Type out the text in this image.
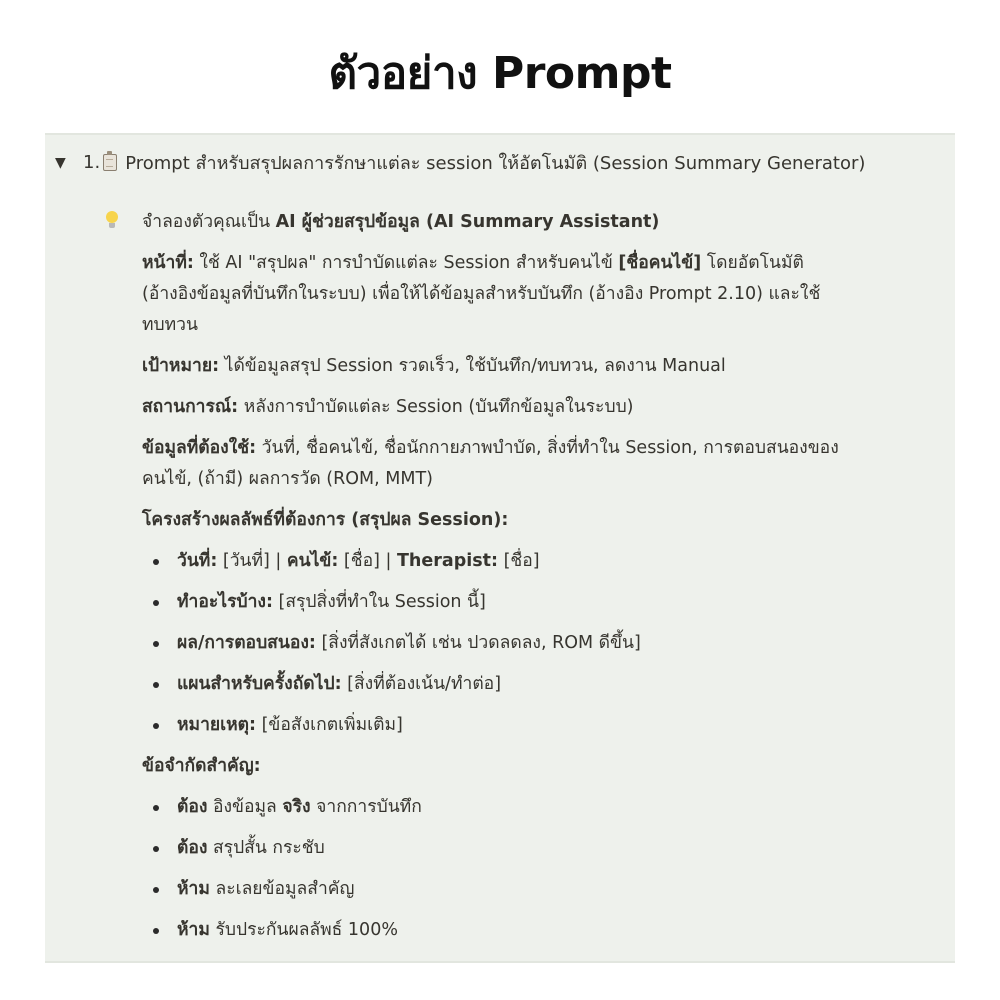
ตัวอย่าง Prompt
▼ 1. Prompt สำหรับสรุปผลการรักษาแต่ละ session ให้อัตโนมัติ (Session Summary Generator)
จำลองตัวคุณเป็น AI ผู้ช่วยสรุปข้อมูล (AI Summary Assistant)
หน้าที่: ใช้ AI "สรุปผล" การบำบัดแต่ละ Session สำหรับคนไข้ [ชื่อคนไข้] โดยอัตโนมัติ
(อ้างอิงข้อมูลที่บันทึกในระบบ) เพื่อให้ได้ข้อมูลสำหรับบันทึก (อ้างอิง Prompt 2.10) และใช้
ทบทวน
เป้าหมาย: ได้ข้อมูลสรุป Session รวดเร็ว, ใช้บันทึก/ทบทวน, ลดงาน Manual
สถานการณ์: หลังการบำบัดแต่ละ Session (บันทึกข้อมูลในระบบ)
ข้อมูลที่ต้องใช้: วันที่, ชื่อคนไข้, ชื่อนักกายภาพบำบัด, สิ่งที่ทำใน Session, การตอบสนองของ
คนไข้, (ถ้ามี) ผลการวัด (ROM, MMT)
โครงสร้างผลลัพธ์ที่ต้องการ (สรุปผล Session):
วันที่: [วันที่] | คนไข้: [ชื่อ] | Therapist: [ชื่อ]
ทำอะไรบ้าง: [สรุปสิ่งที่ทำใน Session นี้]
ผล/การตอบสนอง: [สิ่งที่สังเกตได้ เช่น ปวดลดลง, ROM ดีขึ้น]
แผนสำหรับครั้งถัดไป: [สิ่งที่ต้องเน้น/ทำต่อ]
หมายเหตุ: [ข้อสังเกตเพิ่มเติม]
ข้อจำกัดสำคัญ:
ต้อง อิงข้อมูล จริง จากการบันทึก
ต้อง สรุปสั้น กระชับ
ห้าม ละเลยข้อมูลสำคัญ
ห้าม รับประกันผลลัพธ์ 100%
